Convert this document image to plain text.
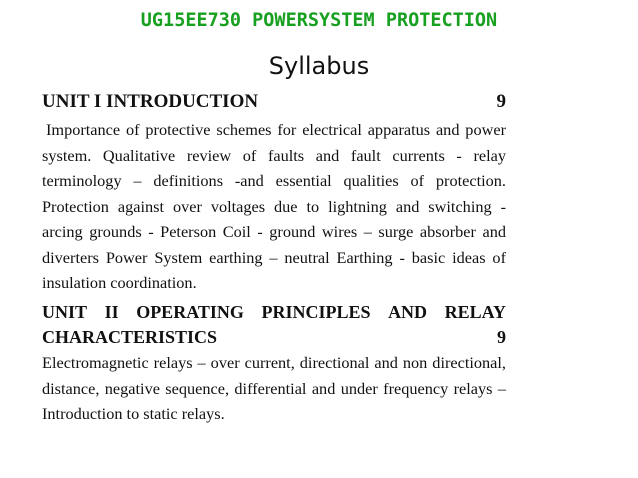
UG15EE730 POWERSYSTEM PROTECTION
Syllabus
UNIT I INTRODUCTION	9

Importance of protective schemes for electrical apparatus and power system. Qualitative review of faults and fault currents - relay terminology – definitions -and essential qualities of protection. Protection against over voltages due to lightning and switching - arcing grounds - Peterson Coil - ground wires – surge absorber and diverters Power System earthing – neutral Earthing - basic ideas of insulation coordination.

UNIT II OPERATING PRINCIPLES AND RELAY
CHARACTERISTICS	9

Electromagnetic relays – over current, directional and non directional, distance, negative sequence, differential and under frequency relays – Introduction to static relays.
